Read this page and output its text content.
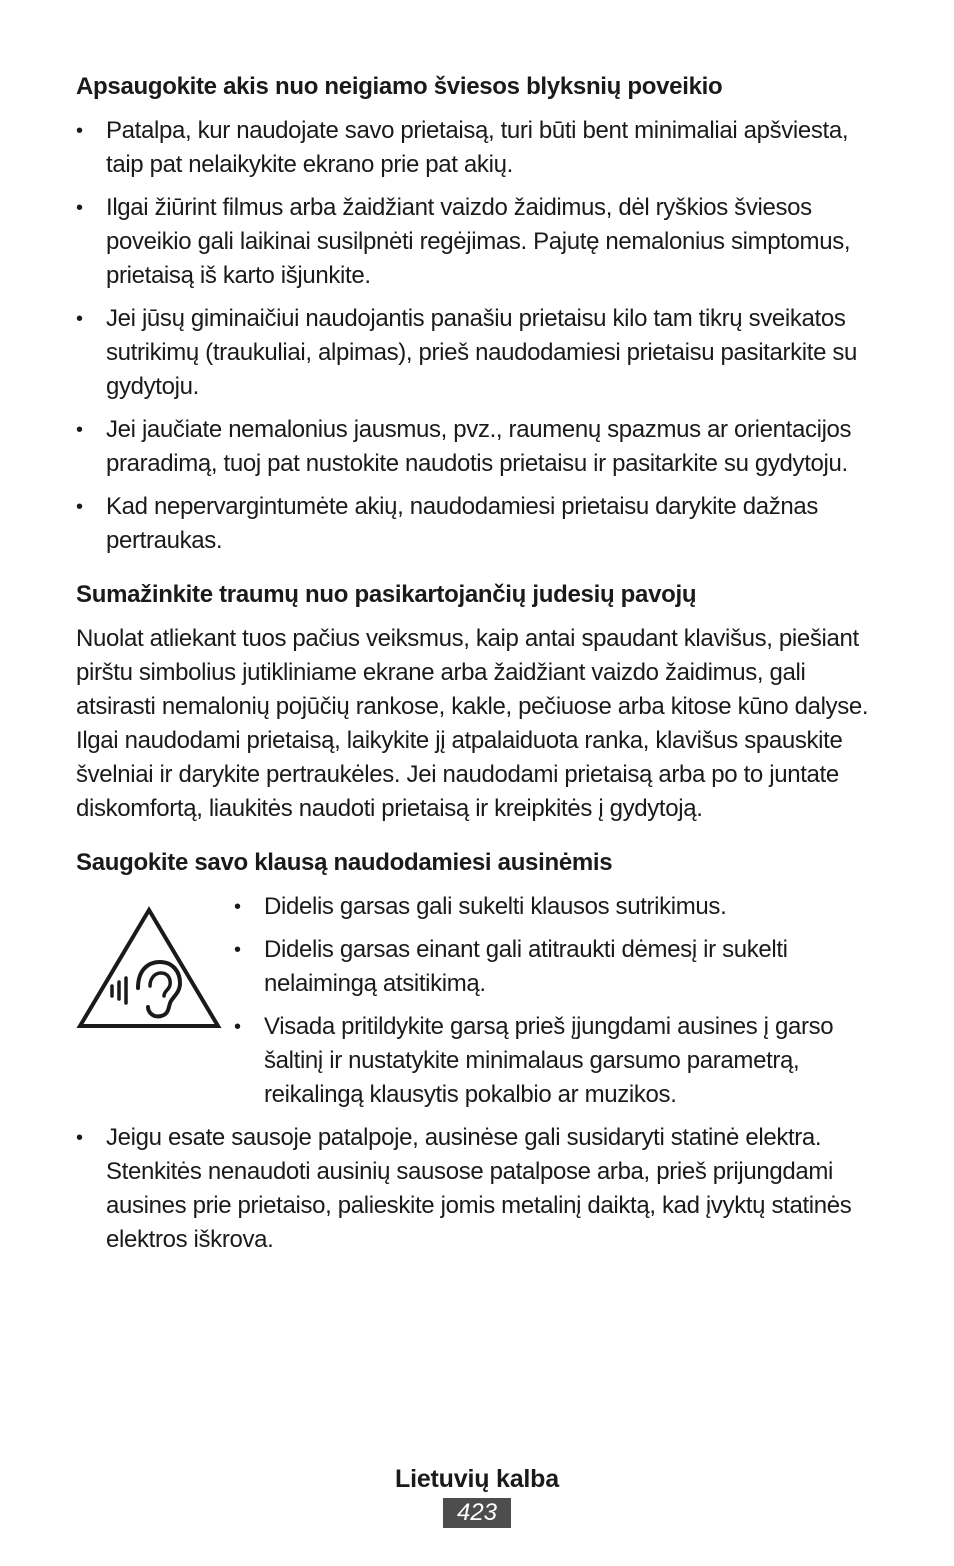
Apsaugokite akis nuo neigiamo šviesos blyksnių poveikio
• Patalpa, kur naudojate savo prietaisą, turi būti bent minimaliai apšviesta, taip pat nelaikykite ekrano prie pat akių.
• Ilgai žiūrint filmus arba žaidžiant vaizdo žaidimus, dėl ryškios šviesos poveikio gali laikinai susilpnėti regėjimas. Pajutę nemalonius simptomus, prietaisą iš karto išjunkite.
• Jei jūsų giminaičiui naudojantis panašiu prietaisu kilo tam tikrų sveikatos sutrikimų (traukuliai, alpimas), prieš naudodamiesi prietaisu pasitarkite su gydytoju.
• Jei jaučiate nemalonius jausmus, pvz., raumenų spazmus ar orientacijos praradimą, tuoj pat nustokite naudotis prietaisu ir pasitarkite su gydytoju.
• Kad nepervargintumėte akių, naudodamiesi prietaisu darykite dažnas pertraukas.
Sumažinkite traumų nuo pasikartojančių judesių pavojų

Nuolat atliekant tuos pačius veiksmus, kaip antai spaudant klavišus, piešiant pirštu simbolius jutikliniame ekrane arba žaidžiant vaizdo žaidimus, gali atsirasti nemalonių pojūčių rankose, kakle, pečiuose arba kitose kūno dalyse. Ilgai naudodami prietaisą, laikykite jį atpalaiduota ranka, klavišus spauskite švelniai ir darykite pertraukėles. Jei naudodami prietaisą arba po to juntate diskomfortą, liaukitės naudoti prietaisą ir kreipkitės į gydytoją.

Saugokite savo klausą naudodamiesi ausinėmis
• Didelis garsas gali sukelti klausos sutrikimus.
• Didelis garsas einant gali atitraukti dėmesį ir sukelti nelaimingą atsitikimą.
• Visada pritildykite garsą prieš įjungdami ausines į garso šaltinį ir nustatykite minimalaus garsumo parametrą, reikalingą klausytis pokalbio ar muzikos.
• Jeigu esate sausoje patalpoje, ausinėse gali susidaryti statinė elektra. Stenkitės nenaudoti ausinių sausose patalpose arba, prieš prijungdami ausines prie prietaiso, palieskite jomis metalinį daiktą, kad įvyktų statinės elektros iškrova.
Lietuvių kalba
423
